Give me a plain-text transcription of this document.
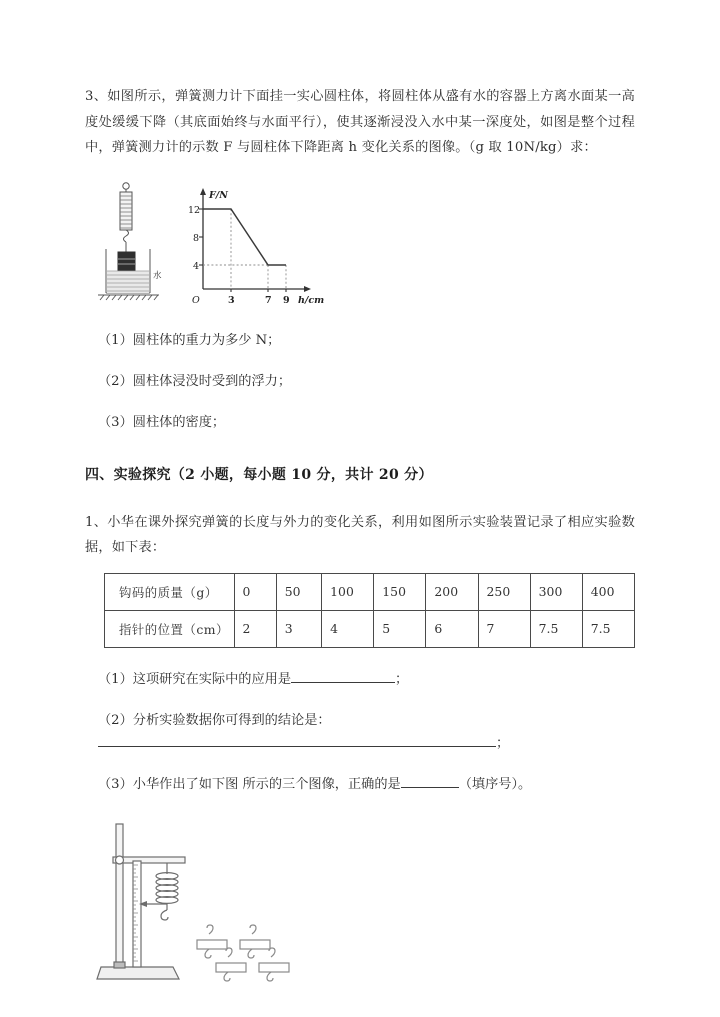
3、如图所示，弹簧测力计下面挂一实心圆柱体，将圆柱体从盛有水的容器上方离水面某一高度处缓缓下降（其底面始终与水面平行），使其逐渐浸没入水中某一深度处，如图是整个过程中，弹簧测力计的示数 F 与圆柱体下降距离 h 变化关系的图像。（g 取 10N/kg）求：
水
12
8
4
3	7 9
O
F/N
h/cm
（1）圆柱体的重力为多少 N；
（2）圆柱体浸没时受到的浮力；
（3）圆柱体的密度；
四、实验探究（2 小题，每小题 10 分，共计 20 分）
1、小华在课外探究弹簧的长度与外力的变化关系，利用如图所示实验装置记录了相应实验数据，如下表：
钩码的质量（g）	0	50	100	150	200	250	300	400
指针的位置（cm）	2	3	4	5	6	7	7.5	7.5
（1）这项研究在实际中的应用是	；
（2）分析实验数据你可得到的结论是：；
（3）小华作出了如下图 所示的三个图像，正确的是	（填序号）。
